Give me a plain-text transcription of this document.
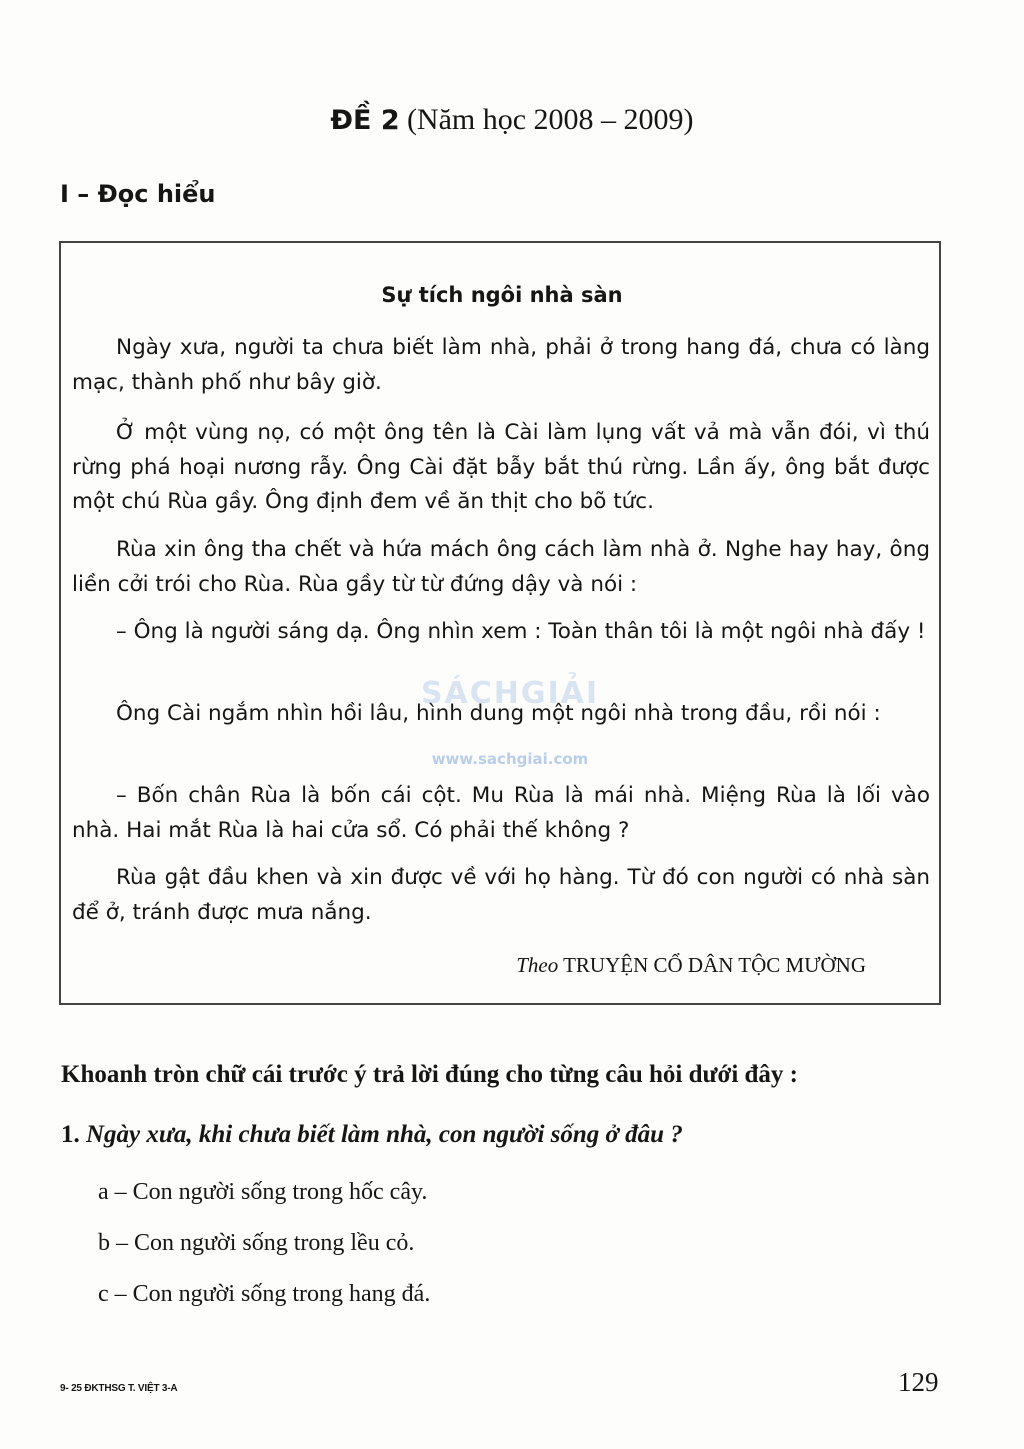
ĐỀ 2 (Năm học 2008 – 2009)
I – Đọc hiểu
Sự tích ngôi nhà sàn

Ngày xưa, người ta chưa biết làm nhà, phải ở trong hang đá, chưa có làng mạc, thành phố như bây giờ.

Ở một vùng nọ, có một ông tên là Cài làm lụng vất vả mà vẫn đói, vì thú rừng phá hoại nương rẫy. Ông Cài đặt bẫy bắt thú rừng. Lần ấy, ông bắt được một chú Rùa gầy. Ông định đem về ăn thịt cho bõ tức.

Rùa xin ông tha chết và hứa mách ông cách làm nhà ở. Nghe hay hay, ông liền cởi trói cho Rùa. Rùa gầy từ từ đứng dậy và nói :

– Ông là người sáng dạ. Ông nhìn xem : Toàn thân tôi là một ngôi nhà đấy !

Ông Cài ngắm nhìn hồi lâu, hình dung một ngôi nhà trong đầu, rồi nói :

– Bốn chân Rùa là bốn cái cột. Mu Rùa là mái nhà. Miệng Rùa là lối vào nhà. Hai mắt Rùa là hai cửa sổ. Có phải thế không ?

Rùa gật đầu khen và xin được về với họ hàng. Từ đó con người có nhà sàn để ở, tránh được mưa nắng.

Theo TRUYỆN CỔ DÂN TỘC MƯỜNG
SÁCHGIẢI
www.sachgiai.com
Khoanh tròn chữ cái trước ý trả lời đúng cho từng câu hỏi dưới đây :
1. Ngày xưa, khi chưa biết làm nhà, con người sống ở đâu ?
a – Con người sống trong hốc cây.
b – Con người sống trong lều cỏ.
c – Con người sống trong hang đá.
9- 25 ĐKTHSG T. VIỆT 3-A	129
